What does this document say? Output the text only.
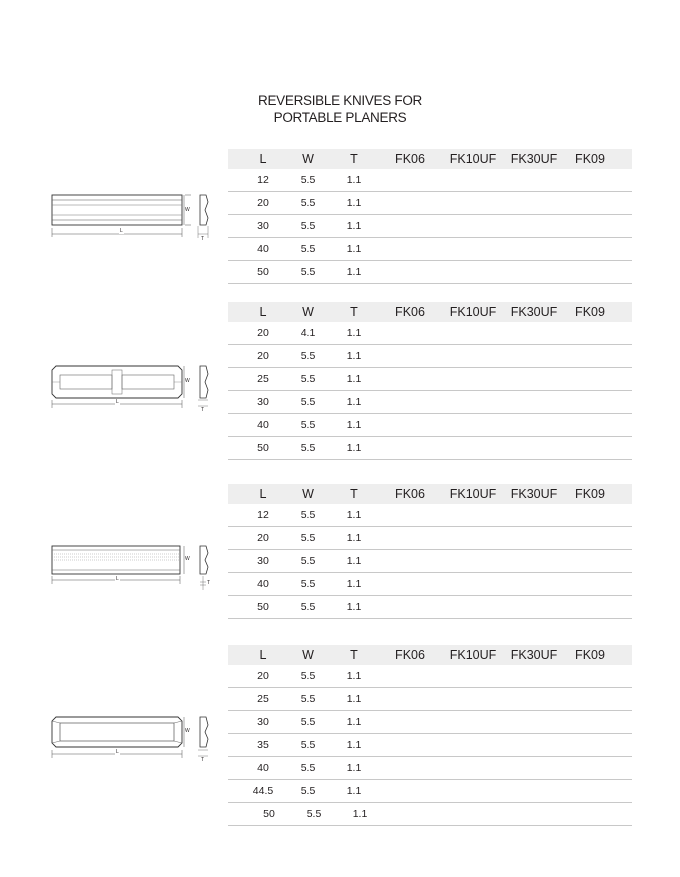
REVERSIBLE KNIVES FOR
PORTABLE PLANERS
L
W
T
L
W
T
L
W
T
L
W
T
L	W	T	FK06 FK10UF FK30UF FK09
12	5.5	1.1
20	5.5	1.1
30	5.5	1.1
40	5.5	1.1
50	5.5	1.1
L	W	T	FK06 FK10UF FK30UF FK09
20	4.1	1.1
20	5.5	1.1
25	5.5	1.1
30	5.5	1.1
40	5.5	1.1
50	5.5	1.1
L	W	T	FK06 FK10UF FK30UF FK09
12	5.5	1.1
20	5.5	1.1
30	5.5	1.1
40	5.5	1.1
50	5.5	1.1
L	W	T	FK06 FK10UF FK30UF FK09
20	5.5	1.1
25	5.5	1.1
30	5.5	1.1
35	5.5	1.1
40	5.5	1.1
44.5	5.5	1.1
50	5.5	1.1
